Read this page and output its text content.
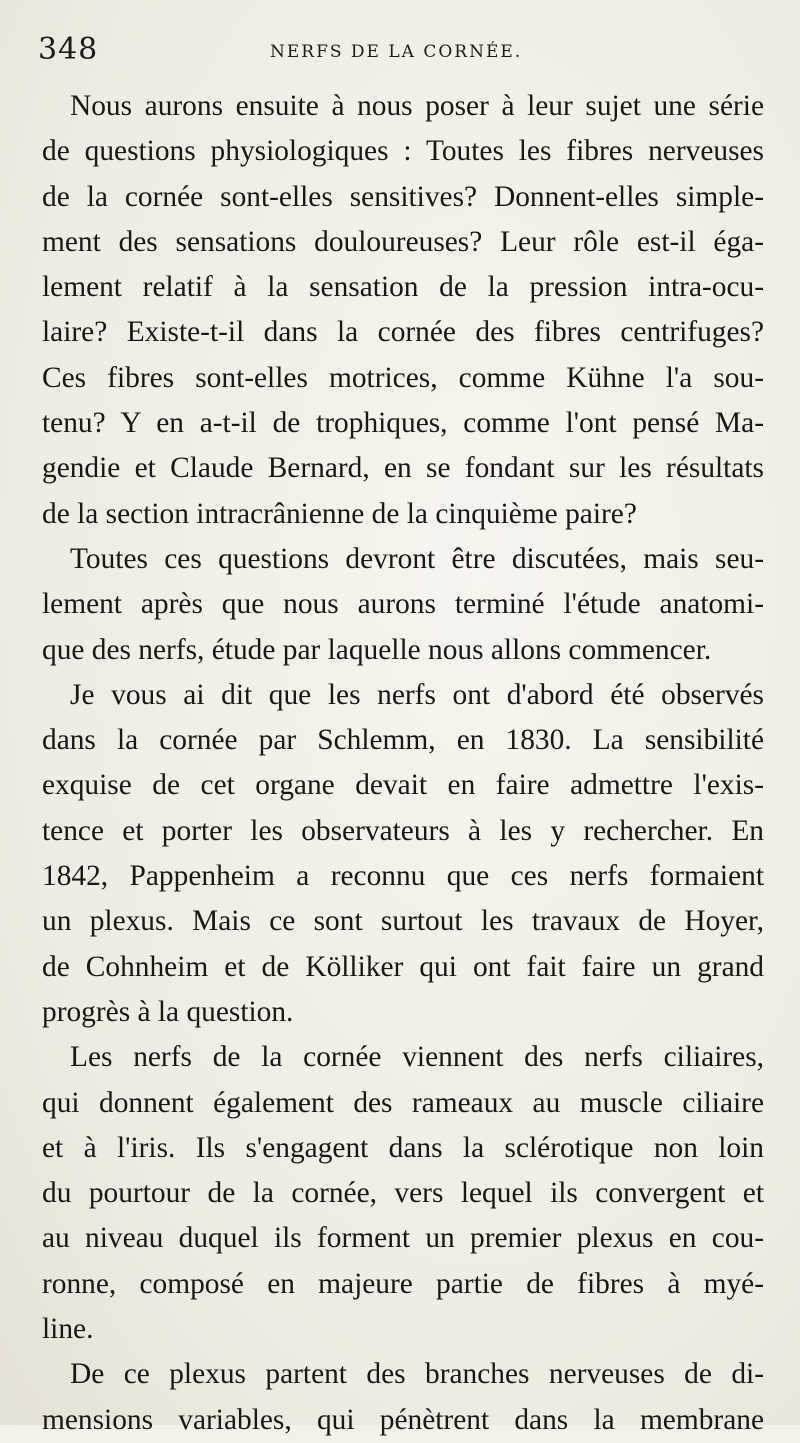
348	NERFS DE LA CORNÉE.

Nous aurons ensuite à nous poser à leur sujet une série
de questions physiologiques : Toutes les fibres nerveuses
de la cornée sont-elles sensitives? Donnent-elles simple-
ment des sensations douloureuses? Leur rôle est-il éga-
lement relatif à la sensation de la pression intra-ocu-
laire? Existe-t-il dans la cornée des fibres centrifuges?
Ces fibres sont-elles motrices, comme Kühne l'a sou-
tenu? Y en a-t-il de trophiques, comme l'ont pensé Ma-
gendie et Claude Bernard, en se fondant sur les résultats
de la section intracrânienne de la cinquième paire?

Toutes ces questions devront être discutées, mais seu-
lement après que nous aurons terminé l'étude anatomi-
que des nerfs, étude par laquelle nous allons commencer.

Je vous ai dit que les nerfs ont d'abord été observés
dans la cornée par Schlemm, en 1830. La sensibilité
exquise de cet organe devait en faire admettre l'exis-
tence et porter les observateurs à les y rechercher. En
1842, Pappenheim a reconnu que ces nerfs formaient
un plexus. Mais ce sont surtout les travaux de Hoyer,
de Cohnheim et de Kölliker qui ont fait faire un grand
progrès à la question.

Les nerfs de la cornée viennent des nerfs ciliaires,
qui donnent également des rameaux au muscle ciliaire
et à l'iris. Ils s'engagent dans la sclérotique non loin
du pourtour de la cornée, vers lequel ils convergent et
au niveau duquel ils forment un premier plexus en cou-
ronne, composé en majeure partie de fibres à myé-
line.

De ce plexus partent des branches nerveuses de di-
mensions variables, qui pénètrent dans la membrane
